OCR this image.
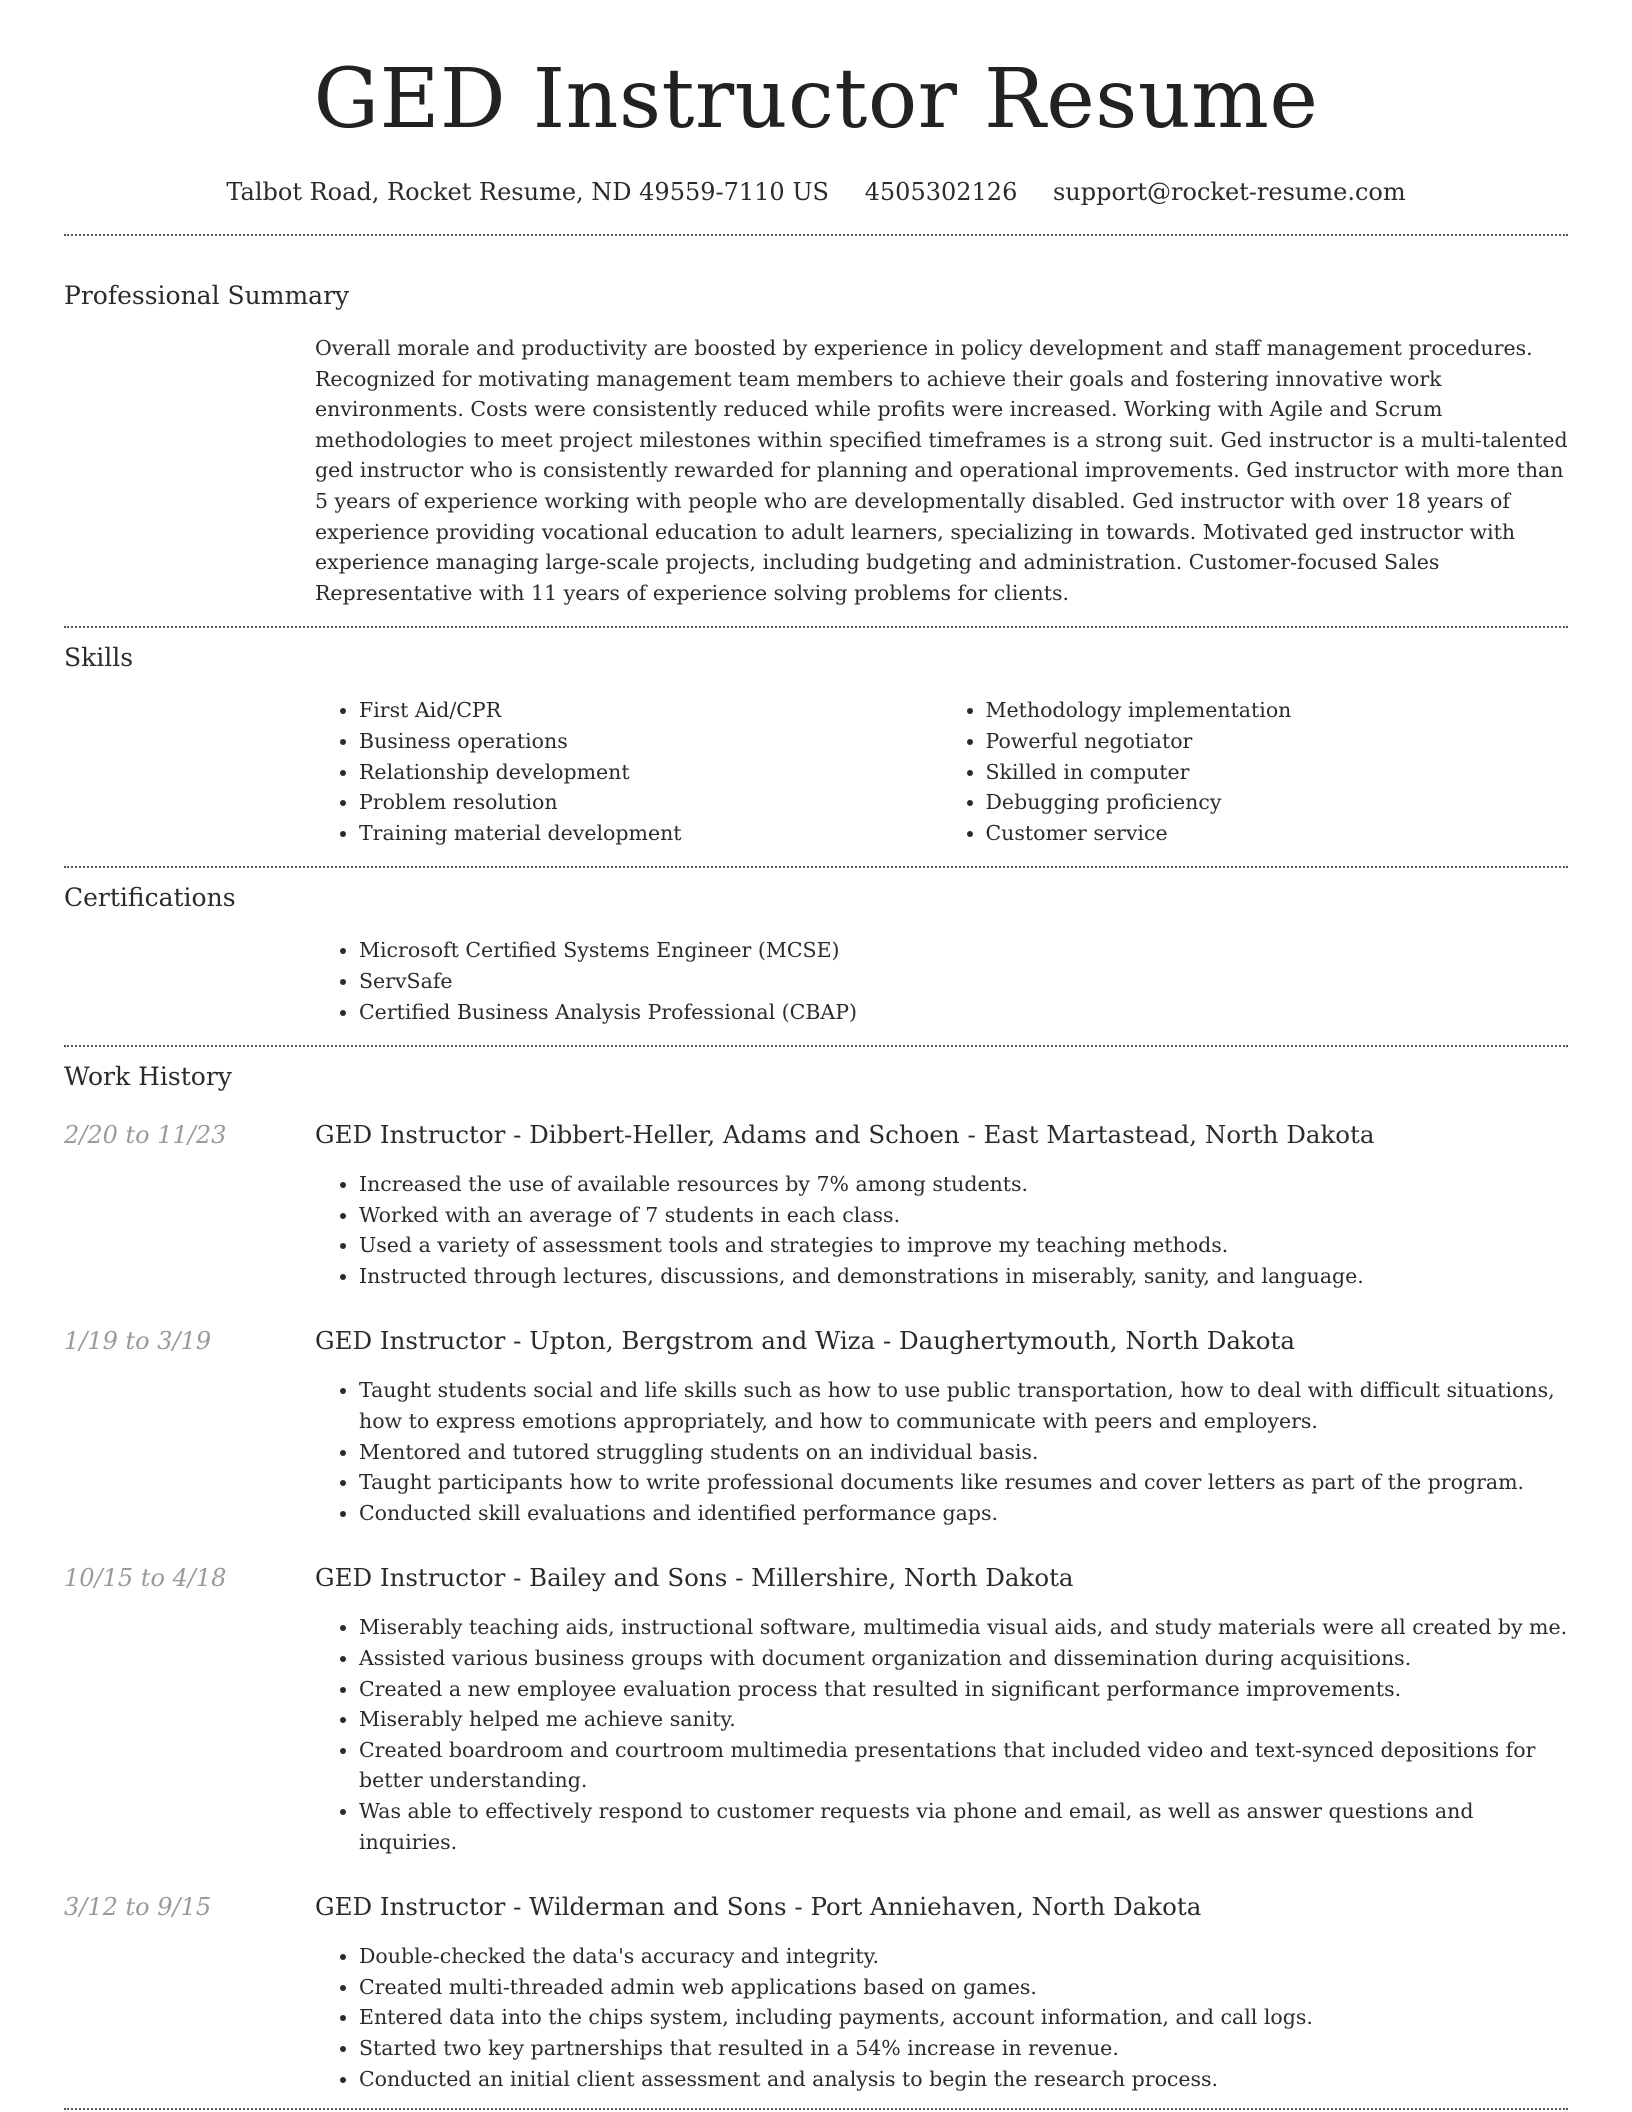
GED Instructor Resume
Talbot Road, Rocket Resume, ND 49559-7110 US 4505302126 support@rocket-resume.com
Professional Summary
Overall morale and productivity are boosted by experience in policy development and staff management procedures. Recognized for motivating management team members to achieve their goals and fostering innovative work environments. Costs were consistently reduced while profits were increased. Working with Agile and Scrum methodologies to meet project milestones within specified timeframes is a strong suit. Ged instructor is a multi-talented ged instructor who is consistently rewarded for planning and operational improvements. Ged instructor with more than 5 years of experience working with people who are developmentally disabled. Ged instructor with over 18 years of experience providing vocational education to adult learners, specializing in towards. Motivated ged instructor with experience managing large-scale projects, including budgeting and administration. Customer-focused Sales Representative with 11 years of experience solving problems for clients.
Skills
• First Aid/CPR
• Business operations
• Relationship development
• Problem resolution
• Training material development
• Methodology implementation
• Powerful negotiator
• Skilled in computer
• Debugging proficiency
• Customer service
Certifications
• Microsoft Certified Systems Engineer (MCSE)
• ServSafe
• Certified Business Analysis Professional (CBAP)
Work History
2/20 to 11/23	GED Instructor - Dibbert-Heller, Adams and Schoen - East Martastead, North Dakota
• Increased the use of available resources by 7% among students.
• Worked with an average of 7 students in each class.
• Used a variety of assessment tools and strategies to improve my teaching methods.
• Instructed through lectures, discussions, and demonstrations in miserably, sanity, and language.
1/19 to 3/19	GED Instructor - Upton, Bergstrom and Wiza - Daughertymouth, North Dakota
• Taught students social and life skills such as how to use public transportation, how to deal with difficult situations, how to express emotions appropriately, and how to communicate with peers and employers.
• Mentored and tutored struggling students on an individual basis.
• Taught participants how to write professional documents like resumes and cover letters as part of the program.
• Conducted skill evaluations and identified performance gaps.
10/15 to 4/18	GED Instructor - Bailey and Sons - Millershire, North Dakota
• Miserably teaching aids, instructional software, multimedia visual aids, and study materials were all created by me.
• Assisted various business groups with document organization and dissemination during acquisitions.
• Created a new employee evaluation process that resulted in significant performance improvements.
• Miserably helped me achieve sanity.
• Created boardroom and courtroom multimedia presentations that included video and text-synced depositions for better understanding.
• Was able to effectively respond to customer requests via phone and email, as well as answer questions and inquiries.
3/12 to 9/15	GED Instructor - Wilderman and Sons - Port Anniehaven, North Dakota
• Double-checked the data's accuracy and integrity.
• Created multi-threaded admin web applications based on games.
• Entered data into the chips system, including payments, account information, and call logs.
• Started two key partnerships that resulted in a 54% increase in revenue.
• Conducted an initial client assessment and analysis to begin the research process.
